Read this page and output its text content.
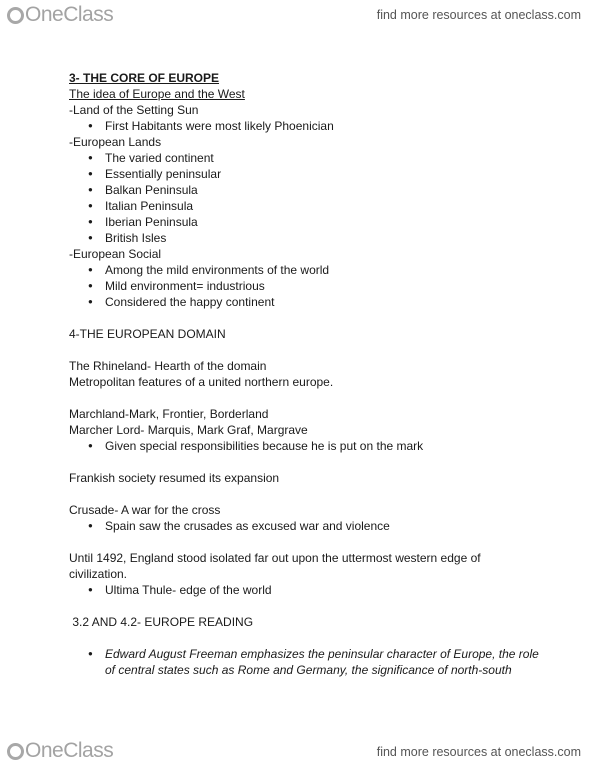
OneClass	find more resources at oneclass.com

3- THE CORE OF EUROPE

The idea of Europe and the West

-Land of the Setting Sun

● First Habitants were most likely Phoenician

-European Lands

● The varied continent
● Essentially peninsular
● Balkan Peninsula
● Italian Peninsula
● Iberian Peninsula
● British Isles

-European Social

● Among the mild environments of the world
● Mild environment= industrious
● Considered the happy continent

4-THE EUROPEAN DOMAIN

The Rhineland- Hearth of the domain

Metropolitan features of a united northern europe.

Marchland-Mark, Frontier, Borderland

Marcher Lord- Marquis, Mark Graf, Margrave

● Given special responsibilities because he is put on the mark

Frankish society resumed its expansion

Crusade- A war for the cross

● Spain saw the crusades as excused war and violence

Until 1492, England stood isolated far out upon the uttermost western edge of civilization.

● Ultima Thule- edge of the world

3.2 AND 4.2- EUROPE READING

● Edward August Freeman emphasizes the peninsular character of Europe, the role of central states such as Rome and Germany, the significance of north-south
OneClass	find more resources at oneclass.com
